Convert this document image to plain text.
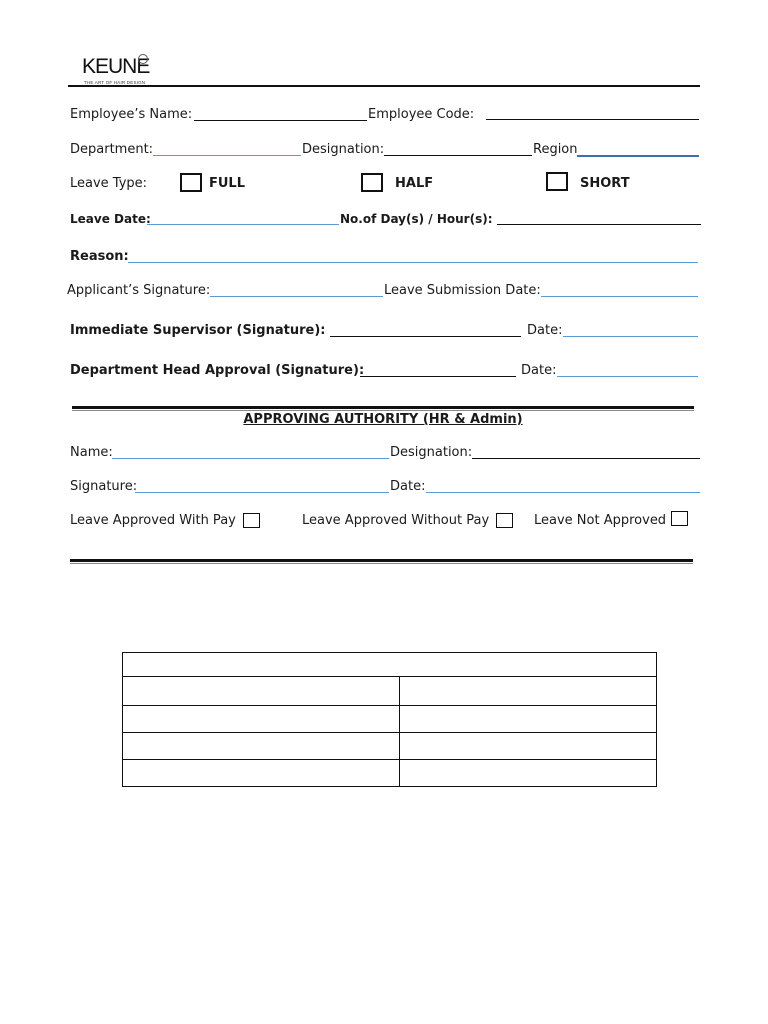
KEUNE
THE ART OF HAIR DESIGN
Employee’s Name:	Employee Code:
Department:	Designation:	Region
Leave Type:	FULL	HALF	SHORT
Leave Date:	No.of Day(s) / Hour(s):
Reason:
Applicant’s Signature:	Leave Submission Date:
Immediate Supervisor (Signature):	Date:
Department Head Approval (Signature):	Date:
APPROVING AUTHORITY (HR & Admin)
Name:	Designation:
Signature:	Date:
Leave Approved With Pay	Leave Approved Without Pay	Leave Not Approved
